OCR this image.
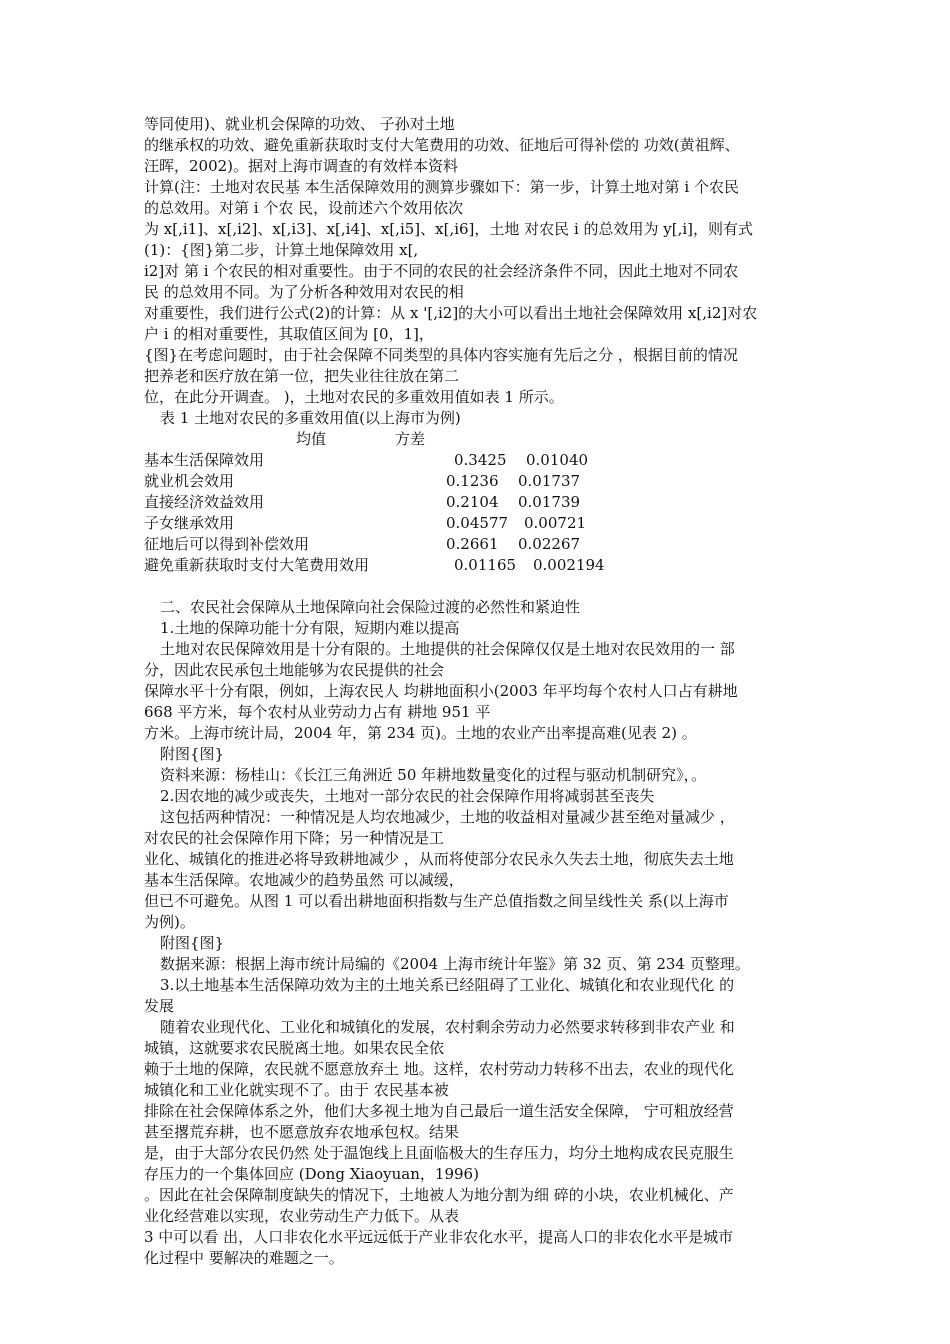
等同使用)、就业机会保障的功效、 子孙对土地
的继承权的功效、避免重新获取时支付大笔费用的功效、征地后可得补偿的 功效(黄祖辉、
汪晖，2002)。据对上海市调查的有效样本资料
计算(注：土地对农民基 本生活保障效用的测算步骤如下：第一步，计算土地对第 i 个农民
的总效用。对第 i 个农 民，设前述六个效用依次
为 x[,i1]、x[,i2]、x[,i3]、x[,i4]、x[,i5]、x[,i6]，土地 对农民 i 的总效用为 y[,i]，则有式
(1)：{图}第二步，计算土地保障效用 x[,
i2]对 第 i 个农民的相对重要性。由于不同的农民的社会经济条件不同，因此土地对不同农
民 的总效用不同。为了分析各种效用对农民的相
对重要性，我们进行公式(2)的计算：从 x '[,i2]的大小可以看出土地社会保障效用 x[,i2]对农
户 i 的相对重要性，其取值区间为 [0，1]，
{图}在考虑问题时，由于社会保障不同类型的具体内容实施有先后之分 ，根据目前的情况
把养老和医疗放在第一位，把失业往往放在第二
位，在此分开调查。 )，土地对农民的多重效用值如表 1 所示。
表 1 土地对农民的多重效用值(以上海市为例)
均值	方差
基本生活保障效用	0.3425 0.01040
就业机会效用	0.1236 0.01737
直接经济效益效用	0.2104 0.01739
子女继承效用	0.04577 0.00721
征地后可以得到补偿效用	0.2661 0.02267
避免重新获取时支付大笔费用效用	0.01165 0.002194
二、农民社会保障从土地保障向社会保险过渡的必然性和紧迫性
1.土地的保障功能十分有限，短期内难以提高
土地对农民保障效用是十分有限的。土地提供的社会保障仅仅是土地对农民效用的一 部
分，因此农民承包土地能够为农民提供的社会
保障水平十分有限，例如，上海农民人 均耕地面积小(2003 年平均每个农村人口占有耕地
668 平方米，每个农村从业劳动力占有 耕地 951 平
方米。上海市统计局，2004 年，第 234 页)。土地的农业产出率提高难(见表 2) 。
附图{图}
资料来源：杨桂山：《长江三角洲近 50 年耕地数量变化的过程与驱动机制研究》，。
2.因农地的减少或丧失，土地对一部分农民的社会保障作用将减弱甚至丧失
这包括两种情况：一种情况是人均农地减少，土地的收益相对量减少甚至绝对量减少 ，
对农民的社会保障作用下降；另一种情况是工
业化、城镇化的推进必将导致耕地减少 ，从而将使部分农民永久失去土地，彻底失去土地
基本生活保障。农地减少的趋势虽然 可以减缓，
但已不可避免。从图 1 可以看出耕地面积指数与生产总值指数之间呈线性关 系(以上海市
为例)。
附图{图}
数据来源：根据上海市统计局编的《2004 上海市统计年鉴》第 32 页、第 234 页整理。
3.以土地基本生活保障功效为主的土地关系已经阻碍了工业化、城镇化和农业现代化 的
发展
随着农业现代化、工业化和城镇化的发展，农村剩余劳动力必然要求转移到非农产业 和
城镇，这就要求农民脱离土地。如果农民全依
赖于土地的保障，农民就不愿意放弃土 地。这样，农村劳动力转移不出去，农业的现代化
城镇化和工业化就实现不了。由于 农民基本被
排除在社会保障体系之外，他们大多视土地为自己最后一道生活安全保障， 宁可粗放经营
甚至撂荒弃耕，也不愿意放弃农地承包权。结果
是，由于大部分农民仍然 处于温饱线上且面临极大的生存压力，均分土地构成农民克服生
存压力的一个集体回应 (Dong Xiaoyuan，1996)
。因此在社会保障制度缺失的情况下，土地被人为地分割为细 碎的小块，农业机械化、产
业化经营难以实现，农业劳动生产力低下。从表
3 中可以看 出，人口非农化水平远远低于产业非农化水平，提高人口的非农化水平是城市
化过程中 要解决的难题之一。
